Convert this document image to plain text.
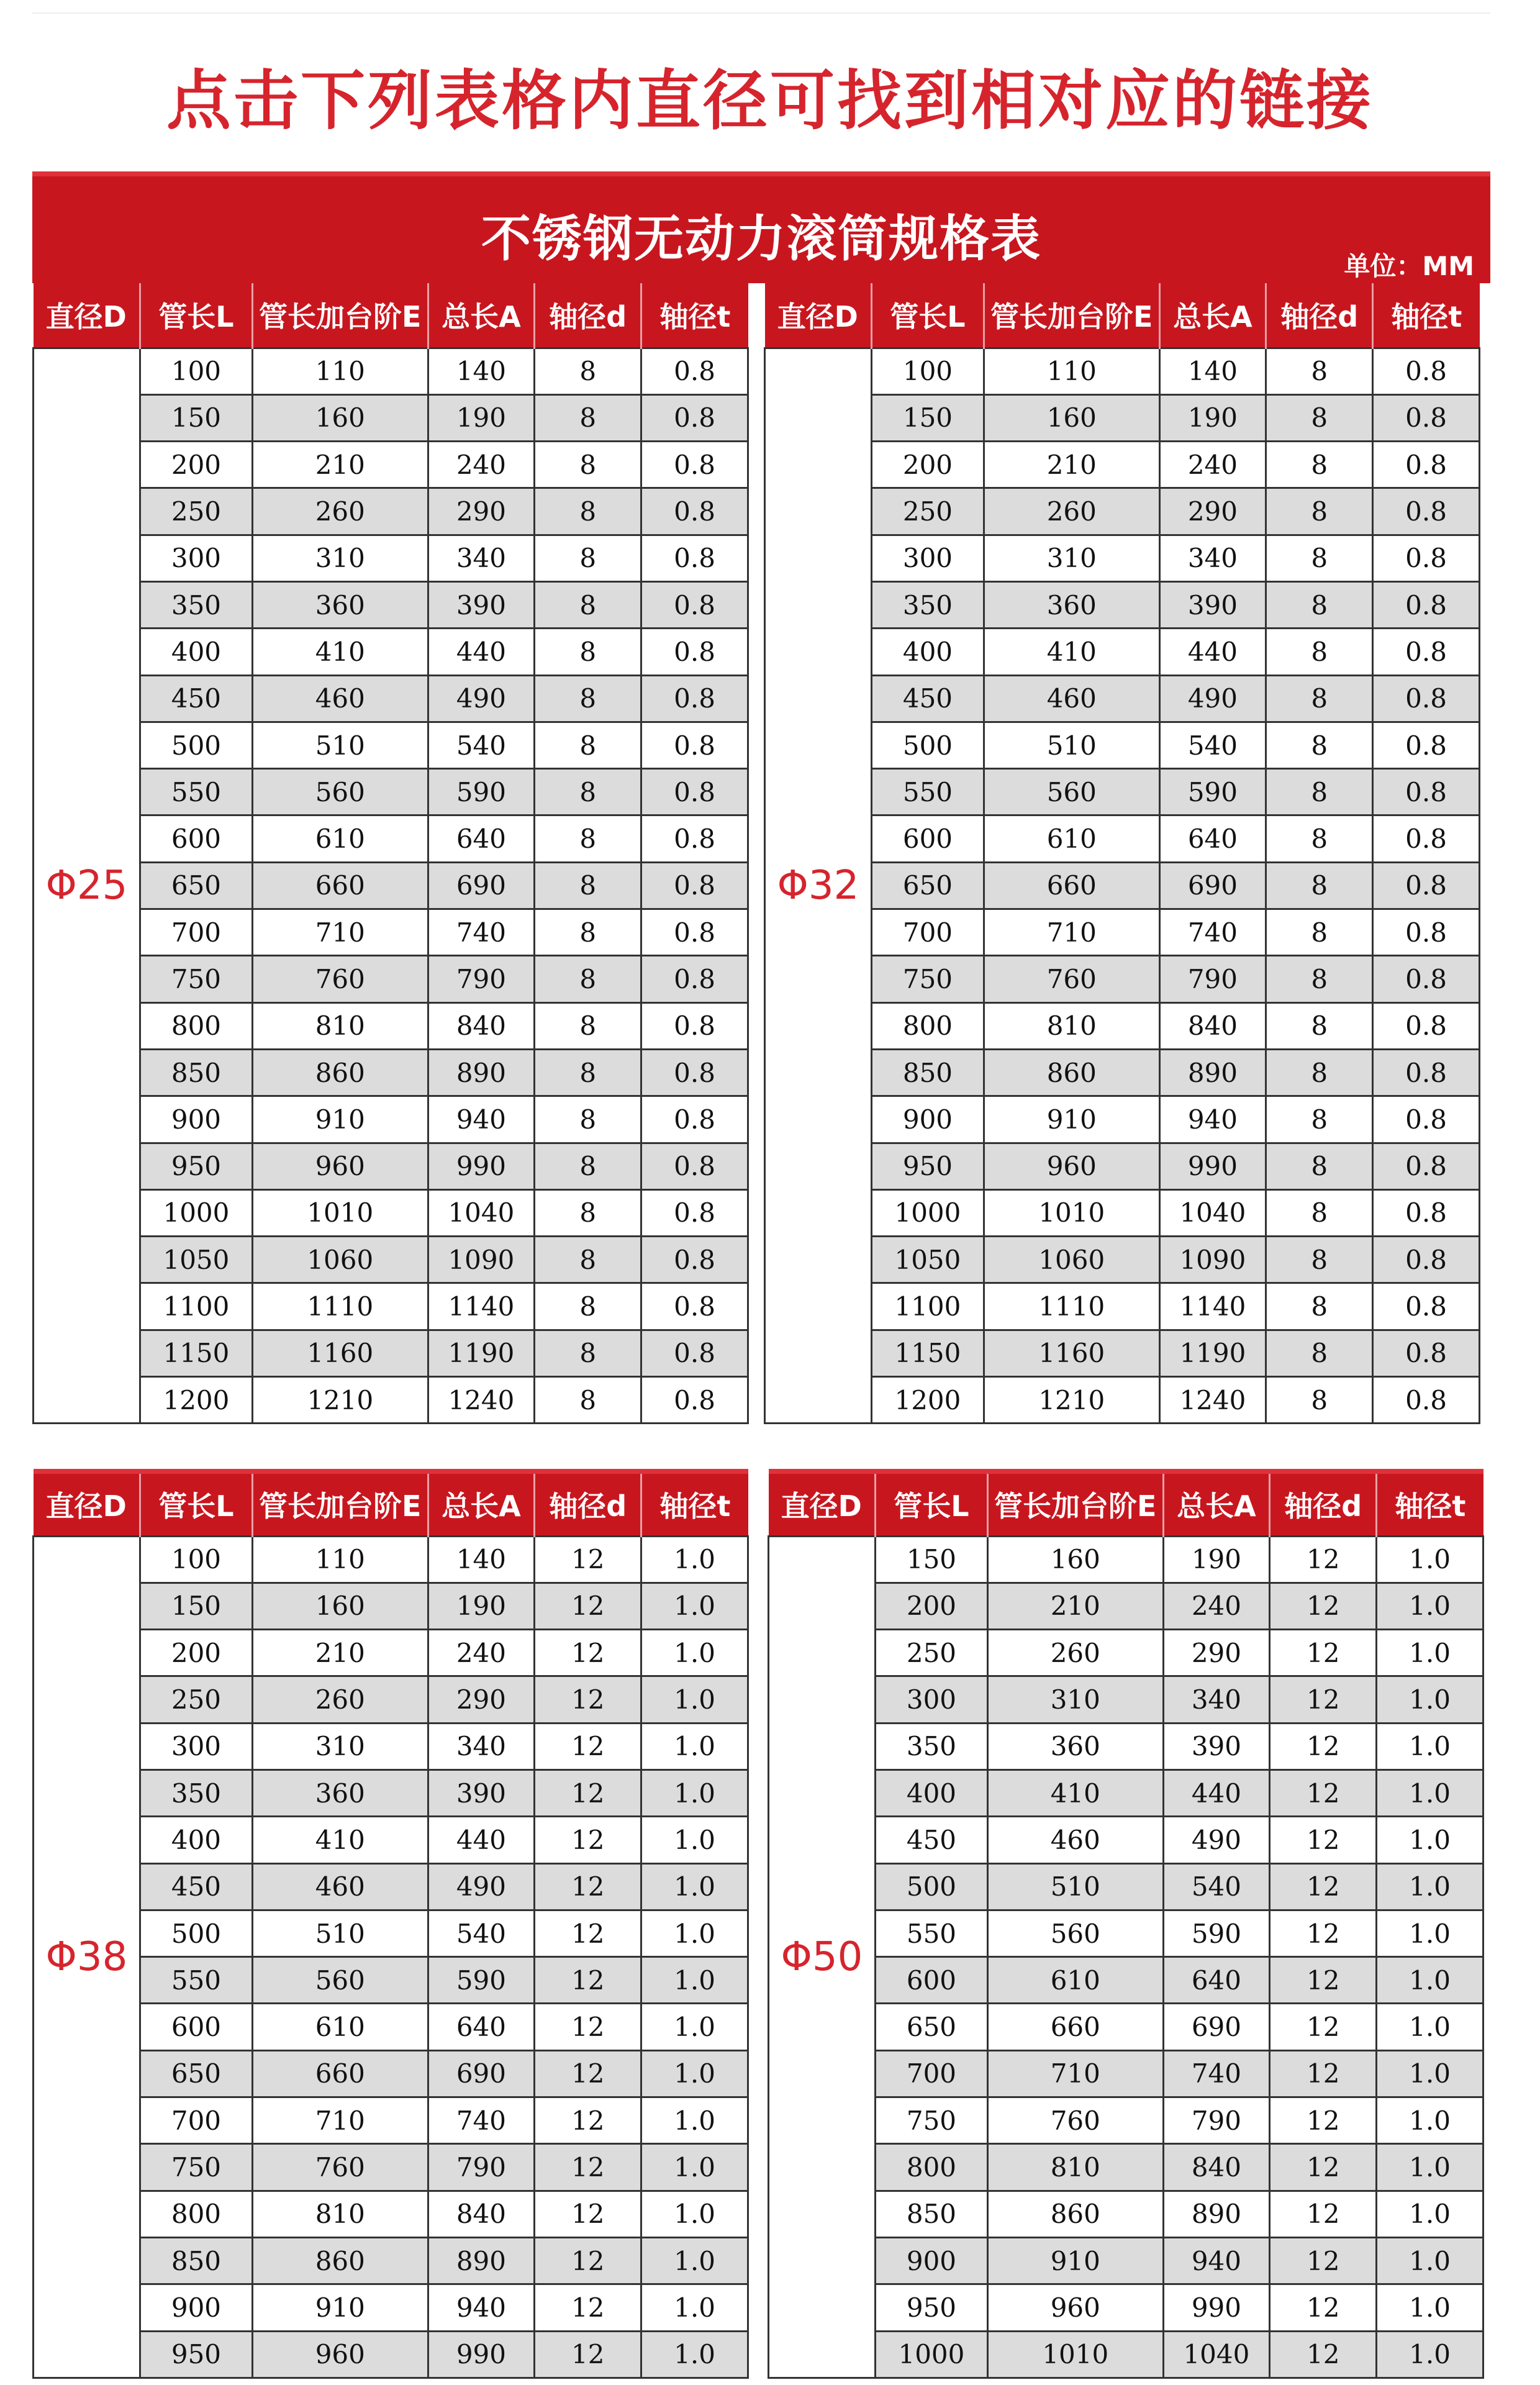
点击下列表格内直径可找到相对应的链接
不锈钢无动力滚筒规格表	单位：MM
直径D	管长L	管长加台阶E	总长A	轴径d	轴径t
Φ25	100	110	140	8	0.8
	150	160	190	8	0.8
	200	210	240	8	0.8
	250	260	290	8	0.8
	300	310	340	8	0.8
	350	360	390	8	0.8
	400	410	440	8	0.8
	450	460	490	8	0.8
	500	510	540	8	0.8
	550	560	590	8	0.8
	600	610	640	8	0.8
	650	660	690	8	0.8
	700	710	740	8	0.8
	750	760	790	8	0.8
	800	810	840	8	0.8
	850	860	890	8	0.8
	900	910	940	8	0.8
	950	960	990	8	0.8
	1000	1010	1040	8	0.8
	1050	1060	1090	8	0.8
	1100	1110	1140	8	0.8
	1150	1160	1190	8	0.8
	1200	1210	1240	8	0.8
直径D	管长L	管长加台阶E	总长A	轴径d	轴径t
Φ32	100	110	140	8	0.8
	150	160	190	8	0.8
	200	210	240	8	0.8
	250	260	290	8	0.8
	300	310	340	8	0.8
	350	360	390	8	0.8
	400	410	440	8	0.8
	450	460	490	8	0.8
	500	510	540	8	0.8
	550	560	590	8	0.8
	600	610	640	8	0.8
	650	660	690	8	0.8
	700	710	740	8	0.8
	750	760	790	8	0.8
	800	810	840	8	0.8
	850	860	890	8	0.8
	900	910	940	8	0.8
	950	960	990	8	0.8
	1000	1010	1040	8	0.8
	1050	1060	1090	8	0.8
	1100	1110	1140	8	0.8
	1150	1160	1190	8	0.8
	1200	1210	1240	8	0.8
直径D	管长L	管长加台阶E	总长A	轴径d	轴径t
Φ38	100	110	140	12	1.0
	150	160	190	12	1.0
	200	210	240	12	1.0
	250	260	290	12	1.0
	300	310	340	12	1.0
	350	360	390	12	1.0
	400	410	440	12	1.0
	450	460	490	12	1.0
	500	510	540	12	1.0
	550	560	590	12	1.0
	600	610	640	12	1.0
	650	660	690	12	1.0
	700	710	740	12	1.0
	750	760	790	12	1.0
	800	810	840	12	1.0
	850	860	890	12	1.0
	900	910	940	12	1.0
	950	960	990	12	1.0
直径D	管长L	管长加台阶E	总长A	轴径d	轴径t
Φ50	150	160	190	12	1.0
	200	210	240	12	1.0
	250	260	290	12	1.0
	300	310	340	12	1.0
	350	360	390	12	1.0
	400	410	440	12	1.0
	450	460	490	12	1.0
	500	510	540	12	1.0
	550	560	590	12	1.0
	600	610	640	12	1.0
	650	660	690	12	1.0
	700	710	740	12	1.0
	750	760	790	12	1.0
	800	810	840	12	1.0
	850	860	890	12	1.0
	900	910	940	12	1.0
	950	960	990	12	1.0
	1000	1010	1040	12	1.0
